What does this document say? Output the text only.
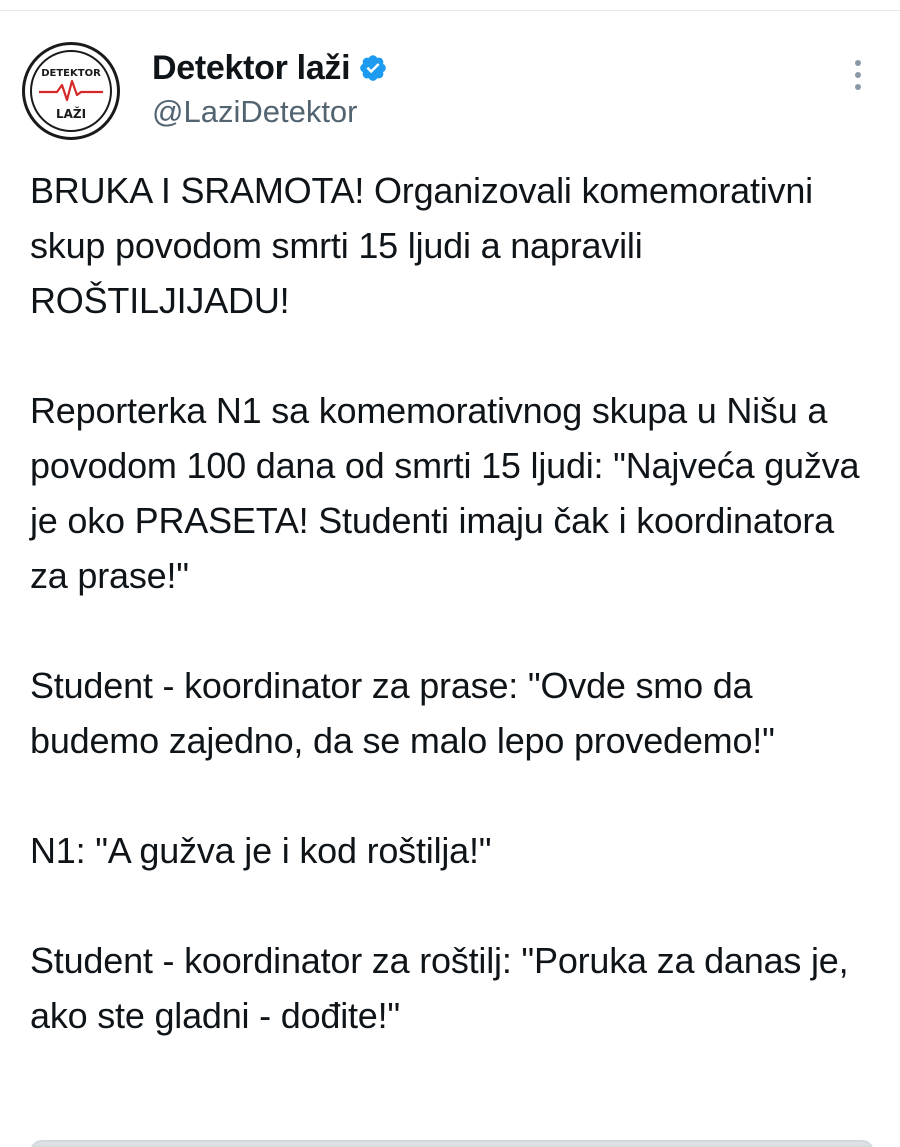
DETEKTOR
LAŽI
Detektor laži
@LaziDetektor

BRUKA I SRAMOTA! Organizovali komemorativni skup povodom smrti 15 ljudi a napravili ROŠTILJIJADU!

Reporterka N1 sa komemorativnog skupa u Nišu a povodom 100 dana od smrti 15 ljudi: "Najveća gužva je oko PRASETA! Studenti imaju čak i koordinatora za prase!"

Student - koordinator za prase: "Ovde smo da budemo zajedno, da se malo lepo provedemo!"

N1: "A gužva je i kod roštilja!"

Student - koordinator za roštilj: "Poruka za danas je, ako ste gladni - dođite!"
